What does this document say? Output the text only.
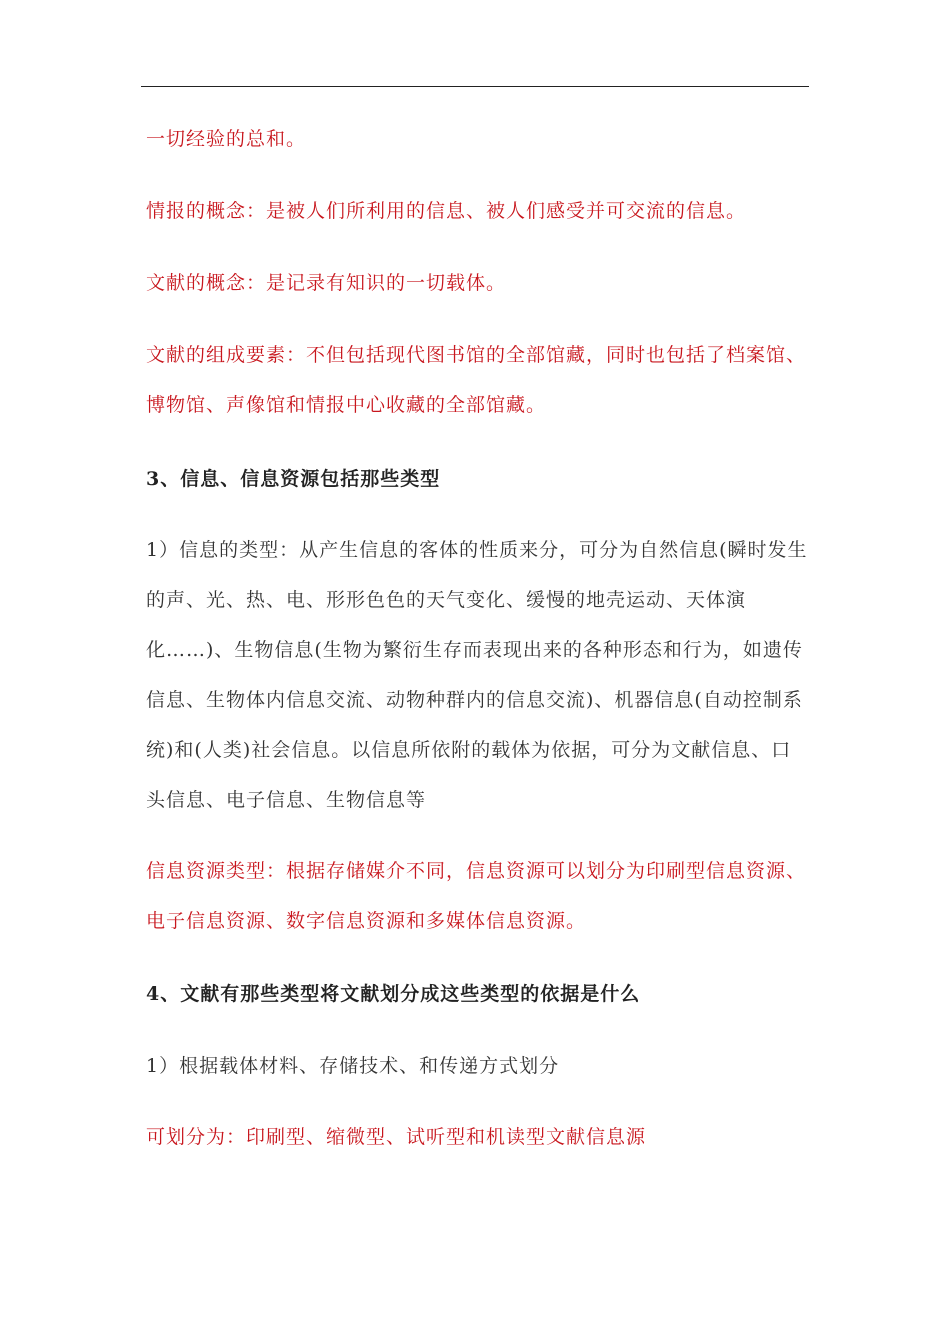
一切经验的总和。

情报的概念：是被人们所利用的信息、被人们感受并可交流的信息。

文献的概念：是记录有知识的一切载体。

文献的组成要素：不但包括现代图书馆的全部馆藏，同时也包括了档案馆、博物馆、声像馆和情报中心收藏的全部馆藏。

3、信息、信息资源包括那些类型

1）信息的类型：从产生信息的客体的性质来分，可分为自然信息(瞬时发生的声、光、热、电、形形色色的天气变化、缓慢的地壳运动、天体演化……)、生物信息(生物为繁衍生存而表现出来的各种形态和行为，如遗传信息、生物体内信息交流、动物种群内的信息交流)、机器信息(自动控制系统)和(人类)社会信息。以信息所依附的载体为依据，可分为文献信息、口头信息、电子信息、生物信息等

信息资源类型：根据存储媒介不同，信息资源可以划分为印刷型信息资源、电子信息资源、数字信息资源和多媒体信息资源。

4、文献有那些类型将文献划分成这些类型的依据是什么

1）根据载体材料、存储技术、和传递方式划分

可划分为：印刷型、缩微型、试听型和机读型文献信息源
